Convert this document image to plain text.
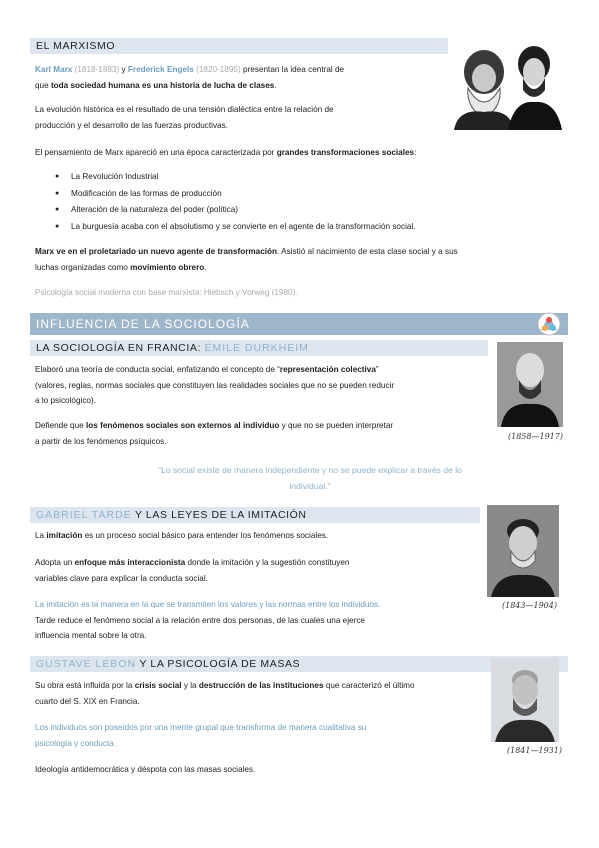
EL MARXISMO
Karl Marx (1818-1883) y Frederick Engels (1820-1895) presentan la idea central de
que toda sociedad humana es una historia de lucha de clases.
La evolución histórica es el resultado de una tensión dialéctica entre la relación de
producción y el desarrollo de las fuerzas productivas.
El pensamiento de Marx apareció en una época caracterizada por grandes transformaciones sociales:
● La Revolución Industrial
● Modificación de las formas de producción
● Alteración de la naturaleza del poder (política)
● La burguesía acaba con el absolutismo y se convierte en el agente de la transformación social.
Marx ve en el proletariado un nuevo agente de transformación. Asistió al nacimiento de esta clase social y a sus
luchas organizadas como movimiento obrero.
Psicología social moderna con base marxista: Hiebsch y Vorweg (1980).
INFLUENCIA DE LA SOCIOLOGÍA
LA SOCIOLOGÍA EN FRANCIA: ÉMILE DURKHEIM
(1858—1917)
Elaboró una teoría de conducta social, enfatizando el concepto de “representación colectiva”
(valores, reglas, normas sociales que constituyen las realidades sociales que no se pueden reducir
a lo psicológico).
Defiende que los fenómenos sociales son externos al individuo y que no se pueden interpretar
a partir de los fenómenos psíquicos.
“Lo social existe de manera independiente y no se puede explicar a través de lo
individual.”
GABRIEL TARDE Y LAS LEYES DE LA IMITACIÓN
(1843—1904)
La imitación es un proceso social básico para entender los fenómenos sociales.
Adopta un enfoque más interaccionista donde la imitación y la sugestión constituyen
variables clave para explicar la conducta social.
La imitación es la manera en la que se transmiten los valores y las normas entre los individuos.
Tarde reduce el fenómeno social a la relación entre dos personas, de las cuales una ejerce
influencia mental sobre la otra.
GUSTAVE LEBON Y LA PSICOLOGÍA DE MASAS
(1841—1931)
Su obra está influida por la crisis social y la destrucción de las instituciones que caracterizó el último
cuarto del S. XIX en Francia.
Los individuos son poseídos por una mente grupal que transforma de manera cualitativa su
psicología y conducta.
Ideología antidemocrática y déspota con las masas sociales.
